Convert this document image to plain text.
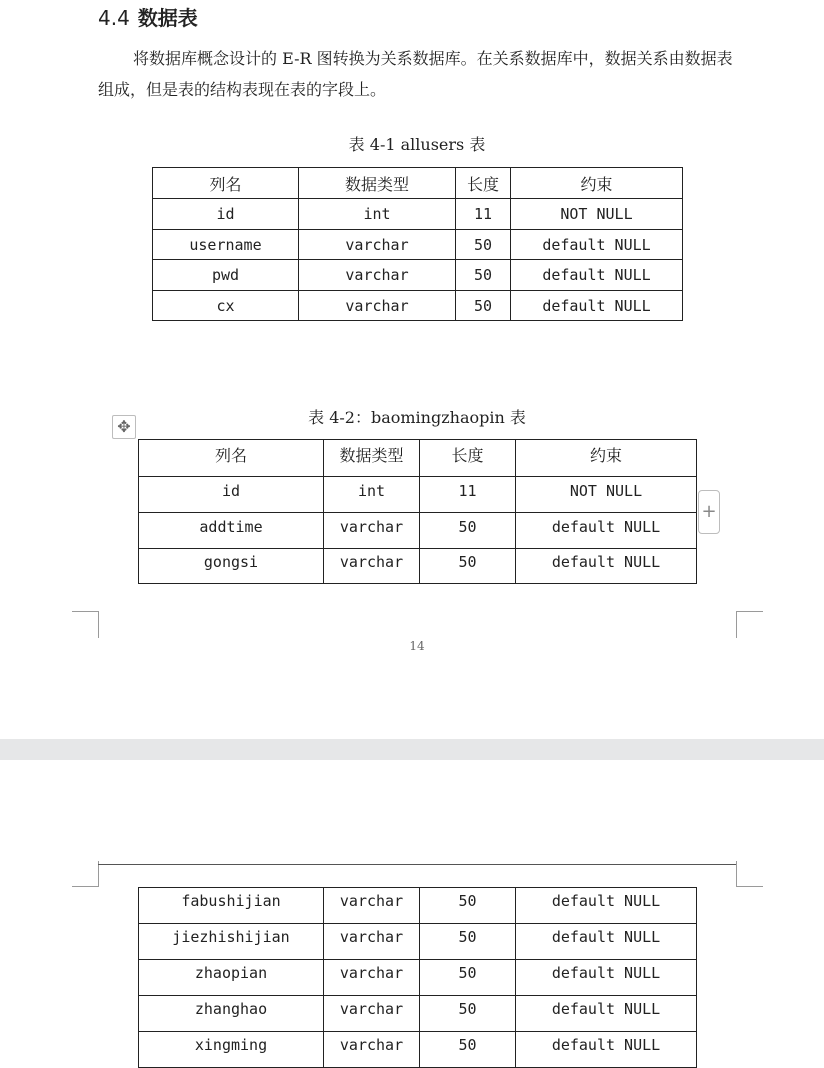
4.4 数据表
将数据库概念设计的 E-R 图转换为关系数据库。在关系数据库中，数据关系由数据表组成，但是表的结构表现在表的字段上。
表 4-1 allusers 表
列名	数据类型	长度	约束
id	int	11	NOT NULL
username	varchar	50	default NULL
pwd	varchar	50	default NULL
cx	varchar	50	default NULL
表 4-2：baomingzhaopin 表
✥
列名	数据类型	长度	约束
id	int	11	NOT NULL
addtime	varchar	50	default NULL
gongsi	varchar	50	default NULL
+
14
fabushijian	varchar	50	default NULL
jiezhishijian	varchar	50	default NULL
zhaopian	varchar	50	default NULL
zhanghao	varchar	50	default NULL
xingming	varchar	50	default NULL
